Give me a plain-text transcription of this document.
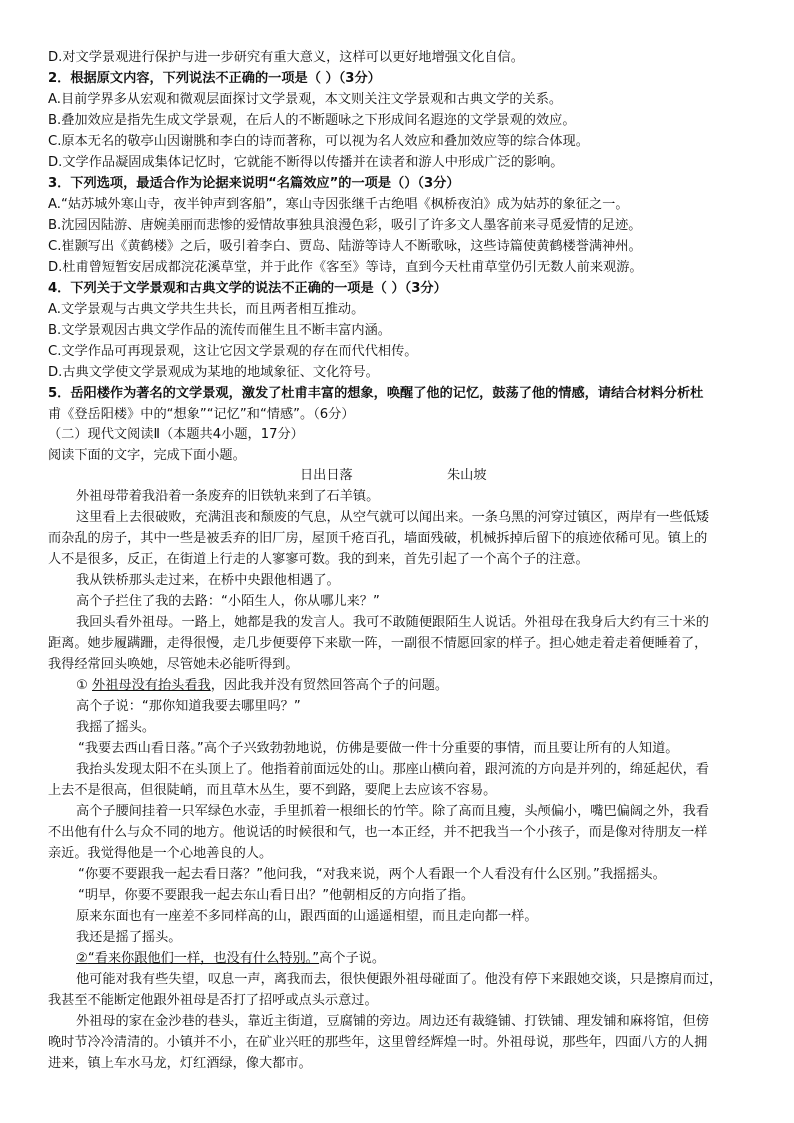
D.对文学景观进行保护与进一步研究有重大意义，这样可以更好地增强文化自信。
2．根据原文内容，下列说法不正确的一项是（ ）（3分）
A.目前学界多从宏观和微观层面探讨文学景观，本文则关注文学景观和古典文学的关系。
B.叠加效应是指先生成文学景观，在后人的不断题咏之下形成间名遐迩的文学景观的效应。
C.原本无名的敬亭山因谢朓和李白的诗而著称，可以视为名人效应和叠加效应等的综合体现。
D.文学作品凝固成集体记忆时，它就能不断得以传播并在读者和游人中形成广泛的影响。
3．下列选项，最适合作为论据来说明“名篇效应”的一项是（）（3分）
A.“姑苏城外寒山寺，夜半钟声到客船”，寒山寺因张继千古绝唱《枫桥夜泊》成为姑苏的象征之一。
B.沈园因陆游、唐婉美丽而悲惨的爱情故事独具浪漫色彩，吸引了许多文人墨客前来寻觅爱情的足迹。
C.崔颢写出《黄鹤楼》之后，吸引着李白、贾岛、陆游等诗人不断歌咏，这些诗篇使黄鹤楼誉满神州。
D.杜甫曾短暂安居成都浣花溪草堂，并于此作《客至》等诗，直到今天杜甫草堂仍引无数人前来观游。
4．下列关于文学景观和古典文学的说法不正确的一项是（ ）（3分）
A.文学景观与古典文学共生共长，而且两者相互推动。
B.文学景观因古典文学作品的流传而催生且不断丰富内涵。
C.文学作品可再现景观，这让它因文学景观的存在而代代相传。
D.古典文学使文学景观成为某地的地域象征、文化符号。
5．岳阳楼作为著名的文学景观，激发了杜甫丰富的想象，唤醒了他的记忆，鼓荡了他的情感，请结合材料分析杜
甫《登岳阳楼》中的“想象”“记忆”和“情感”。（6分）
（二）现代文阅读Ⅱ（本题共4小题，17分）
阅读下面的文字，完成下面小题。
日出日落	朱山坡
外祖母带着我沿着一条废弃的旧铁轨来到了石羊镇。
这里看上去很破败，充满沮丧和颓废的气息，从空气就可以闻出来。一条乌黑的河穿过镇区，两岸有一些低矮
而杂乱的房子，其中一些是被丢弃的旧厂房，屋顶千疮百孔，墙面残破，机械拆掉后留下的痕迹依稀可见。镇上的
人不是很多，反正，在街道上行走的人寥寥可数。我的到来，首先引起了一个高个子的注意。
我从铁桥那头走过来，在桥中央跟他相遇了。
高个子拦住了我的去路：“小陌生人，你从哪儿来？”
我回头看外祖母。一路上，她都是我的发言人。我可不敢随便跟陌生人说话。外祖母在我身后大约有三十米的
距离。她步履蹒跚，走得很慢，走几步便要停下来歇一阵，一副很不情愿回家的样子。担心她走着走着便睡着了，
我得经常回头唤她，尽管她未必能听得到。
① 外祖母没有抬头看我，因此我并没有贸然回答高个子的问题。
高个子说：“那你知道我要去哪里吗？”
我摇了摇头。
“我要去西山看日落。”高个子兴致勃勃地说，仿佛是要做一件十分重要的事情，而且要让所有的人知道。
我抬头发现太阳不在头顶上了。他指着前面远处的山。那座山横向着，跟河流的方向是并列的，绵延起伏，看
上去不是很高，但很陡峭，而且草木丛生，要不到路，要爬上去应该不容易。
高个子腰间挂着一只军绿色水壶，手里抓着一根细长的竹竿。除了高而且瘦，头颅偏小，嘴巴偏阔之外，我看
不出他有什么与众不同的地方。他说话的时候很和气，也一本正经，并不把我当一个小孩子，而是像对待朋友一样
亲近。我觉得他是一个心地善良的人。
“你要不要跟我一起去看日落？”他问我，“对我来说，两个人看跟一个人看没有什么区别。”我摇摇头。
“明早，你要不要跟我一起去东山看日出？”他朝相反的方向指了指。
原来东面也有一座差不多同样高的山，跟西面的山遥遥相望，而且走向都一样。
我还是摇了摇头。
②“看来你跟他们一样，也没有什么特别。”高个子说。
他可能对我有些失望，叹息一声，离我而去，很快便跟外祖母碰面了。他没有停下来跟她交谈，只是擦肩而过，
我甚至不能断定他跟外祖母是否打了招呼或点头示意过。
外祖母的家在金沙巷的巷头，靠近主街道，豆腐铺的旁边。周边还有裁缝铺、打铁铺、理发铺和麻将馆，但傍
晚时节冷冷清清的。小镇并不小，在矿业兴旺的那些年，这里曾经辉煌一时。外祖母说，那些年，四面八方的人拥
进来，镇上车水马龙，灯红酒绿，像大都市。
